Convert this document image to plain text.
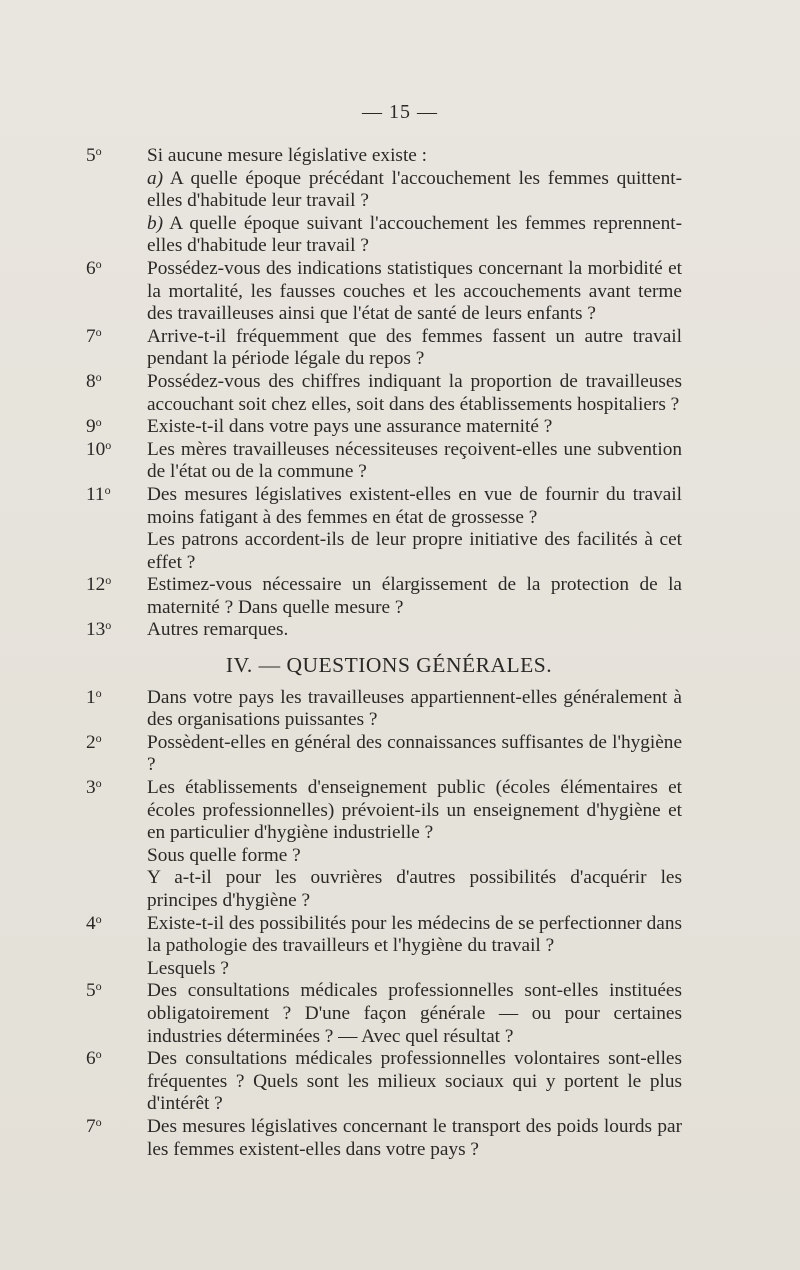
— 15 —
5$^o$	Si aucune mesure législative existe :
a) A quelle époque précédant l'accouchement les femmes quittent-elles d'habitude leur travail ?
b) A quelle époque suivant l'accouchement les femmes reprennent-elles d'habitude leur travail ?
6$^o$	Possédez-vous des indications statistiques concernant la morbidité et la mortalité, les fausses couches et les accouchements avant terme des travailleuses ainsi que l'état de santé de leurs enfants ?
7$^o$	Arrive-t-il fréquemment que des femmes fassent un autre travail pendant la période légale du repos ?
8$^o$	Possédez-vous des chiffres indiquant la proportion de travailleuses accouchant soit chez elles, soit dans des établissements hospitaliers ?
9$^o$	Existe-t-il dans votre pays une assurance maternité ?
10$^o$	Les mères travailleuses nécessiteuses reçoivent-elles une subvention de l'état ou de la commune ?
11$^o$	Des mesures législatives existent-elles en vue de fournir du travail moins fatigant à des femmes en état de grossesse ?
Les patrons accordent-ils de leur propre initiative des facilités à cet effet ?
12$^o$	Estimez-vous nécessaire un élargissement de la protection de la maternité ? Dans quelle mesure ?
13$^o$	Autres remarques.
IV. — QUESTIONS GÉNÉRALES.
1$^o$	Dans votre pays les travailleuses appartiennent-elles généralement à des organisations puissantes ?
2$^o$	Possèdent-elles en général des connaissances suffisantes de l'hygiène ?
3$^o$	Les établissements d'enseignement public (écoles élémentaires et écoles professionnelles) prévoient-ils un enseignement d'hygiène et en particulier d'hygiène industrielle ?
Sous quelle forme ?
Y a-t-il pour les ouvrières d'autres possibilités d'acquérir les principes d'hygiène ?
4$^o$	Existe-t-il des possibilités pour les médecins de se perfectionner dans la pathologie des travailleurs et l'hygiène du travail ?
Lesquels ?
5$^o$	Des consultations médicales professionnelles sont-elles instituées obligatoirement ? D'une façon générale — ou pour certaines industries déterminées ? — Avec quel résultat ?
6$^o$	Des consultations médicales professionnelles volontaires sont-elles fréquentes ? Quels sont les milieux sociaux qui y portent le plus d'intérêt ?
7$^o$	Des mesures législatives concernant le transport des poids lourds par les femmes existent-elles dans votre pays ?
